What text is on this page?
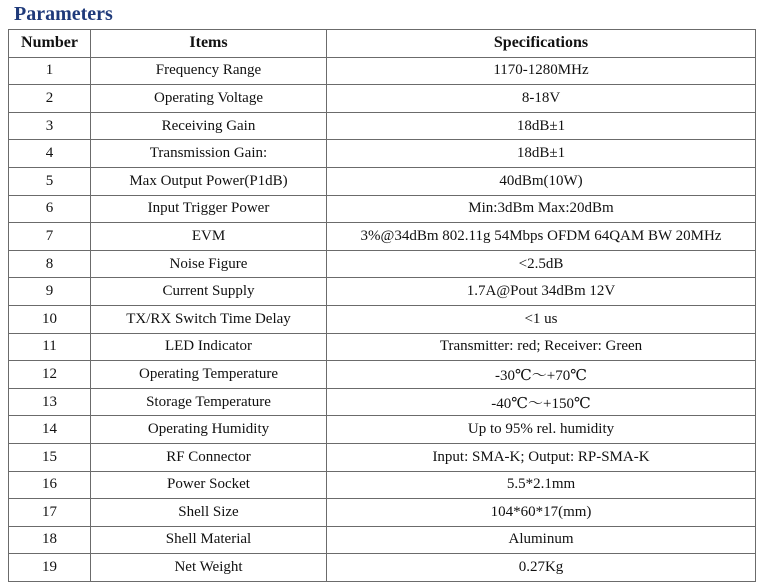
Parameters
Number	Items	Specifications
1	Frequency Range	1170-1280MHz
2	Operating Voltage	8-18V
3	Receiving Gain	18dB±1
4	Transmission Gain:	18dB±1
5	Max Output Power(P1dB)	40dBm(10W)
6	Input Trigger Power	Min:3dBm Max:20dBm
7	EVM	3%@34dBm 802.11g 54Mbps OFDM 64QAM BW 20MHz
8	Noise Figure	<2.5dB
9	Current Supply	1.7A@Pout 34dBm 12V
10	TX/RX Switch Time Delay	<1 us
11	LED Indicator	Transmitter: red; Receiver: Green
12	Operating Temperature	-30℃～+70℃
13	Storage Temperature	-40℃～+150℃
14	Operating Humidity	Up to 95% rel. humidity
15	RF Connector	Input: SMA-K; Output: RP-SMA-K
16	Power Socket	5.5*2.1mm
17	Shell Size	104*60*17(mm)
18	Shell Material	Aluminum
19	Net Weight	0.27Kg
